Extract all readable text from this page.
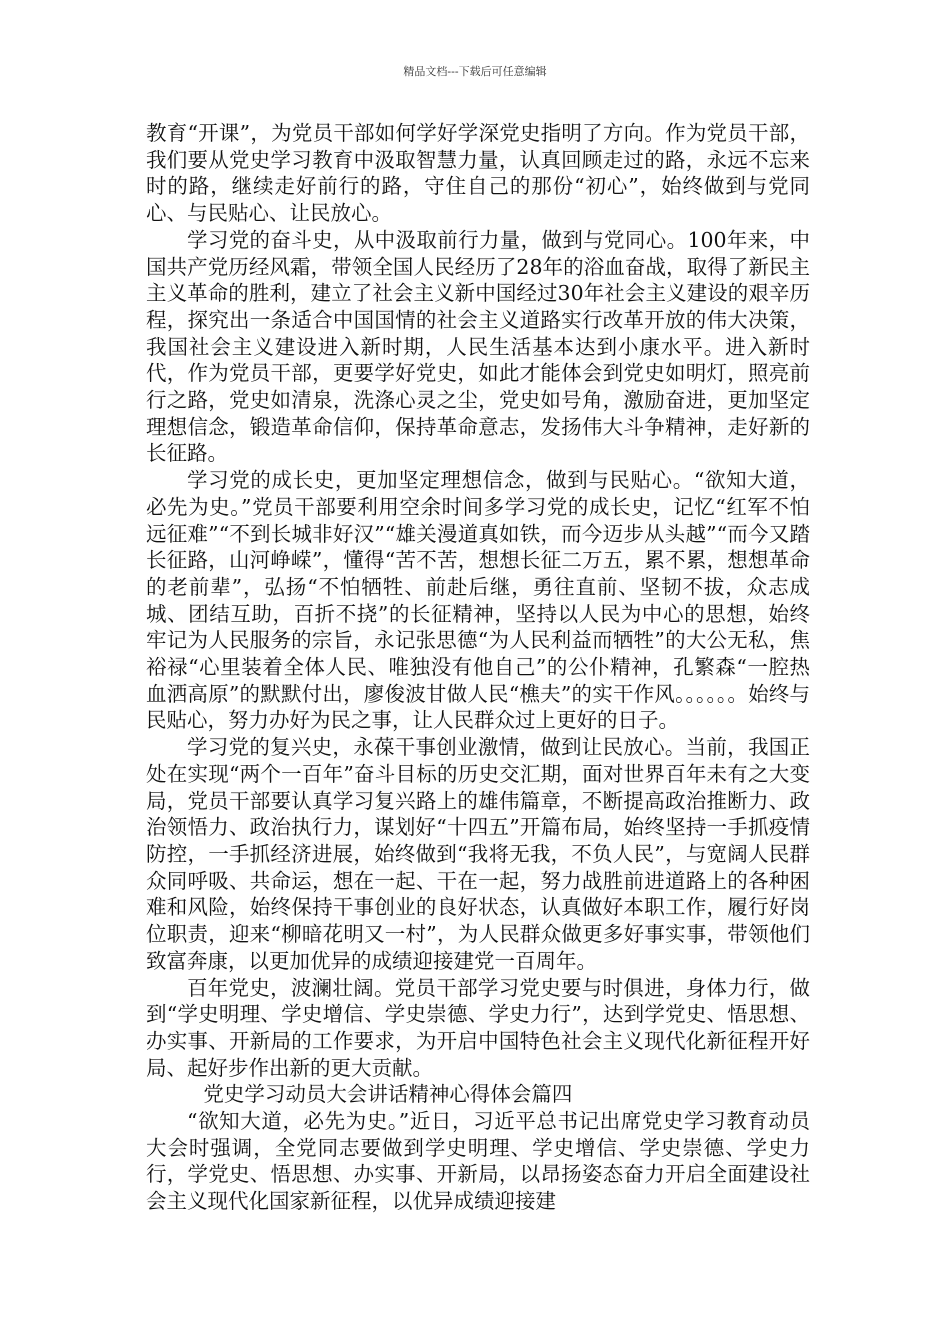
精品文档---下载后可任意编辑

教育“开课”，为党员干部如何学好学深党史指明了方向。作为党员干部，我们要从党史学习教育中汲取智慧力量，认真回顾走过的路，永远不忘来时的路，继续走好前行的路，守住自己的那份“初心”，始终做到与党同心、与民贴心、让民放心。

学习党的奋斗史，从中汲取前行力量，做到与党同心。100年来，中国共产党历经风霜，带领全国人民经历了28年的浴血奋战，取得了新民主主义革命的胜利，建立了社会主义新中国经过30年社会主义建设的艰辛历程，探究出一条适合中国国情的社会主义道路实行改革开放的伟大决策，我国社会主义建设进入新时期，人民生活基本达到小康水平。进入新时代，作为党员干部，更要学好党史，如此才能体会到党史如明灯，照亮前行之路，党史如清泉，洗涤心灵之尘，党史如号角，激励奋进，更加坚定理想信念，锻造革命信仰，保持革命意志，发扬伟大斗争精神，走好新的长征路。

学习党的成长史，更加坚定理想信念，做到与民贴心。“欲知大道，必先为史。”党员干部要利用空余时间多学习党的成长史，记忆“红军不怕远征难”“不到长城非好汉”“雄关漫道真如铁，而今迈步从头越”“而今又踏长征路，山河峥嵘”，懂得“苦不苦，想想长征二万五，累不累，想想革命的老前辈”，弘扬“不怕牺牲、前赴后继，勇往直前、坚韧不拔，众志成城、团结互助，百折不挠”的长征精神，坚持以人民为中心的思想，始终牢记为人民服务的宗旨，永记张思德“为人民利益而牺牲”的大公无私，焦裕禄“心里装着全体人民、唯独没有他自己”的公仆精神，孔繁森“一腔热血洒高原”的默默付出，廖俊波甘做人民“樵夫”的实干作风。。。。。。始终与民贴心，努力办好为民之事，让人民群众过上更好的日子。

学习党的复兴史，永葆干事创业激情，做到让民放心。当前，我国正处在实现“两个一百年”奋斗目标的历史交汇期，面对世界百年未有之大变局，党员干部要认真学习复兴路上的雄伟篇章，不断提高政治推断力、政治领悟力、政治执行力，谋划好“十四五”开篇布局，始终坚持一手抓疫情防控，一手抓经济进展，始终做到“我将无我，不负人民”，与宽阔人民群众同呼吸、共命运，想在一起、干在一起，努力战胜前进道路上的各种困难和风险，始终保持干事创业的良好状态，认真做好本职工作，履行好岗位职责，迎来“柳暗花明又一村”，为人民群众做更多好事实事，带领他们致富奔康，以更加优异的成绩迎接建党一百周年。

百年党史，波澜壮阔。党员干部学习党史要与时俱进，身体力行，做到“学史明理、学史增信、学史崇德、学史力行”，达到学党史、悟思想、办实事、开新局的工作要求，为开启中国特色社会主义现代化新征程开好局、起好步作出新的更大贡献。

党史学习动员大会讲话精神心得体会篇四

“欲知大道，必先为史。”近日，习近平总书记出席党史学习教育动员大会时强调，全党同志要做到学史明理、学史增信、学史崇德、学史力行，学党史、悟思想、办实事、开新局，以昂扬姿态奋力开启全面建设社会主义现代化国家新征程，以优异成绩迎接建
